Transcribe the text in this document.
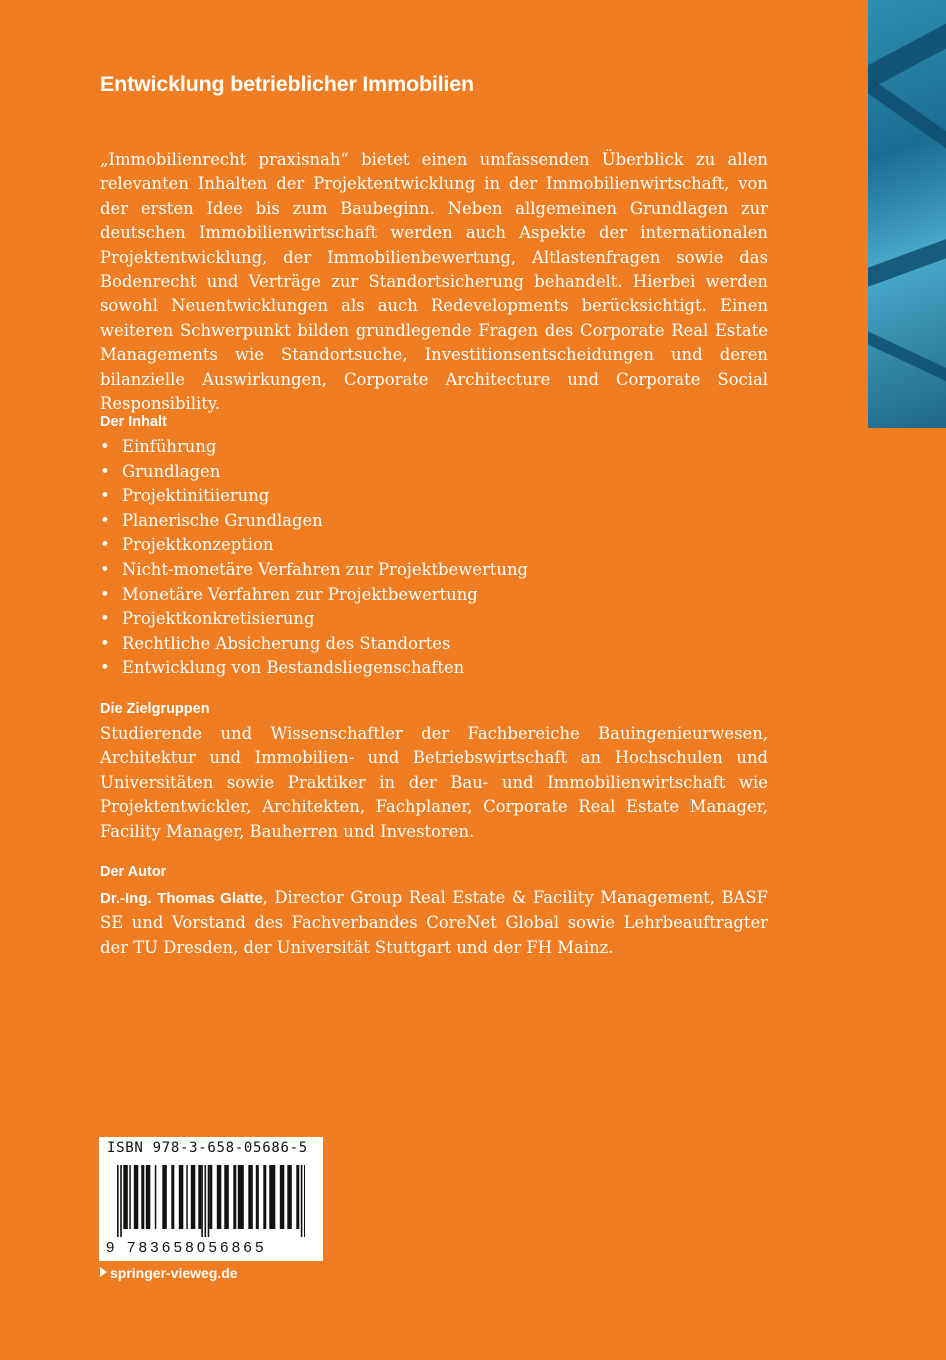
Entwicklung betrieblicher Immobilien

„Immobilienrecht praxisnah“ bietet einen umfassenden Überblick zu allen relevanten Inhalten der Projektentwicklung in der Immobilienwirtschaft, von der ersten Idee bis zum Baubeginn. Neben allgemeinen Grundlagen zur deutschen Immobilienwirtschaft werden auch Aspekte der internationalen Projektentwicklung, der Immobilienbewertung, Altlastenfragen sowie das Bodenrecht und Verträge zur Standortsicherung behandelt. Hierbei werden sowohl Neuentwicklungen als auch Redevelopments berücksichtigt. Einen weiteren Schwerpunkt bilden grundlegende Fragen des Corporate Real Estate Managements wie Standortsuche, Investitionsentscheidungen und deren bilanzielle Auswirkungen, Corporate Architecture und Corporate Social Responsibility.

Der Inhalt
• Einführung
• Grundlagen
• Projektinitiierung
• Planerische Grundlagen
• Projektkonzeption
• Nicht-monetäre Verfahren zur Projektbewertung
• Monetäre Verfahren zur Projektbewertung
• Projektkonkretisierung
• Rechtliche Absicherung des Standortes
• Entwicklung von Bestandsliegenschaften
Die Zielgruppen

Studierende und Wissenschaftler der Fachbereiche Bauingenieurwesen, Architektur und Immobilien- und Betriebswirtschaft an Hochschulen und Universitäten sowie Praktiker in der Bau- und Immobilienwirtschaft wie Projektentwickler, Architekten, Fachplaner, Corporate Real Estate Manager, Facility Manager, Bauherren und Investoren.

Der Autor

Dr.-Ing. Thomas Glatte, Director Group Real Estate & Facility Management, BASF SE und Vorstand des Fachverbandes CoreNet Global sowie Lehrbeauftragter der TU Dresden, der Universität Stuttgart und der FH Mainz.

ISBN 978-3-658-05686-5

9 783658056865

springer-vieweg.de
